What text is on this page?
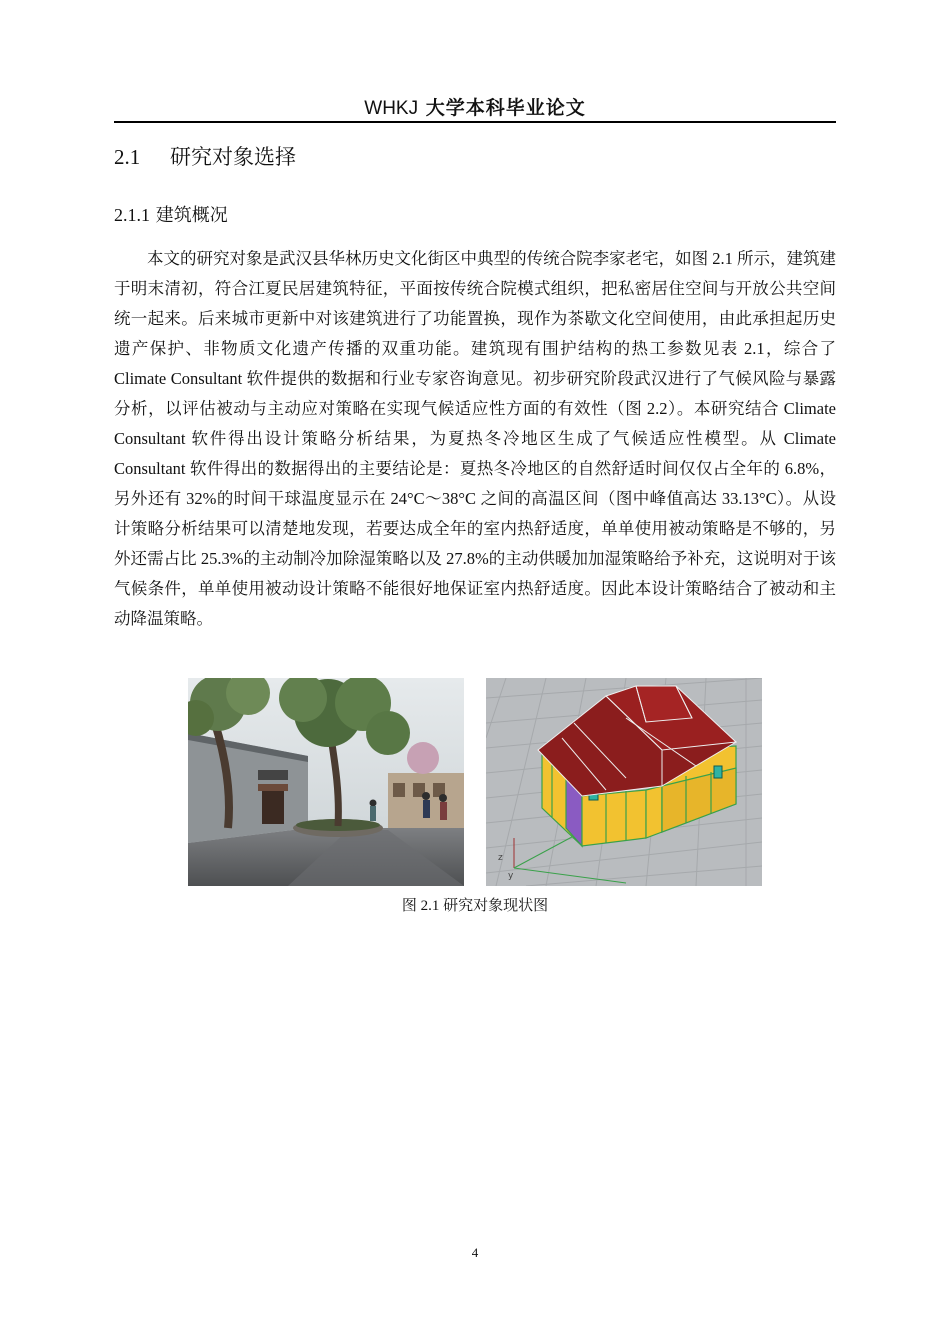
WHKJ 大学本科毕业论文
2.1 研究对象选择
2.1.1 建筑概况

本文的研究对象是武汉县华林历史文化街区中典型的传统合院李家老宅，如图 2.1 所示，建筑建于明末清初，符合江夏民居建筑特征，平面按传统合院模式组织，把私密居住空间与开放公共空间统一起来。后来城市更新中对该建筑进行了功能置换，现作为茶歇文化空间使用，由此承担起历史遗产保护、非物质文化遗产传播的双重功能。建筑现有围护结构的热工参数见表 2.1，综合了 Climate Consultant 软件提供的数据和行业专家咨询意见。初步研究阶段武汉进行了气候风险与暴露分析，以评估被动与主动应对策略在实现气候适应性方面的有效性（图 2.2）。本研究结合 Climate Consultant 软件得出设计策略分析结果，为夏热冬冷地区生成了气候适应性模型。从 Climate Consultant 软件得出的数据得出的主要结论是：夏热冬冷地区的自然舒适时间仅仅占全年的 6.8%，另外还有 32%的时间干球温度显示在 24°C～38°C 之间的高温区间（图中峰值高达 33.13°C）。从设计策略分析结果可以清楚地发现，若要达成全年的室内热舒适度，单单使用被动策略是不够的，另外还需占比 25.3%的主动制冷加除湿策略以及 27.8%的主动供暖加加湿策略给予补充，这说明对于该气候条件，单单使用被动设计策略不能很好地保证室内热舒适度。因此本设计策略结合了被动和主动降温策略。

z
y
图 2.1 研究对象现状图
4
